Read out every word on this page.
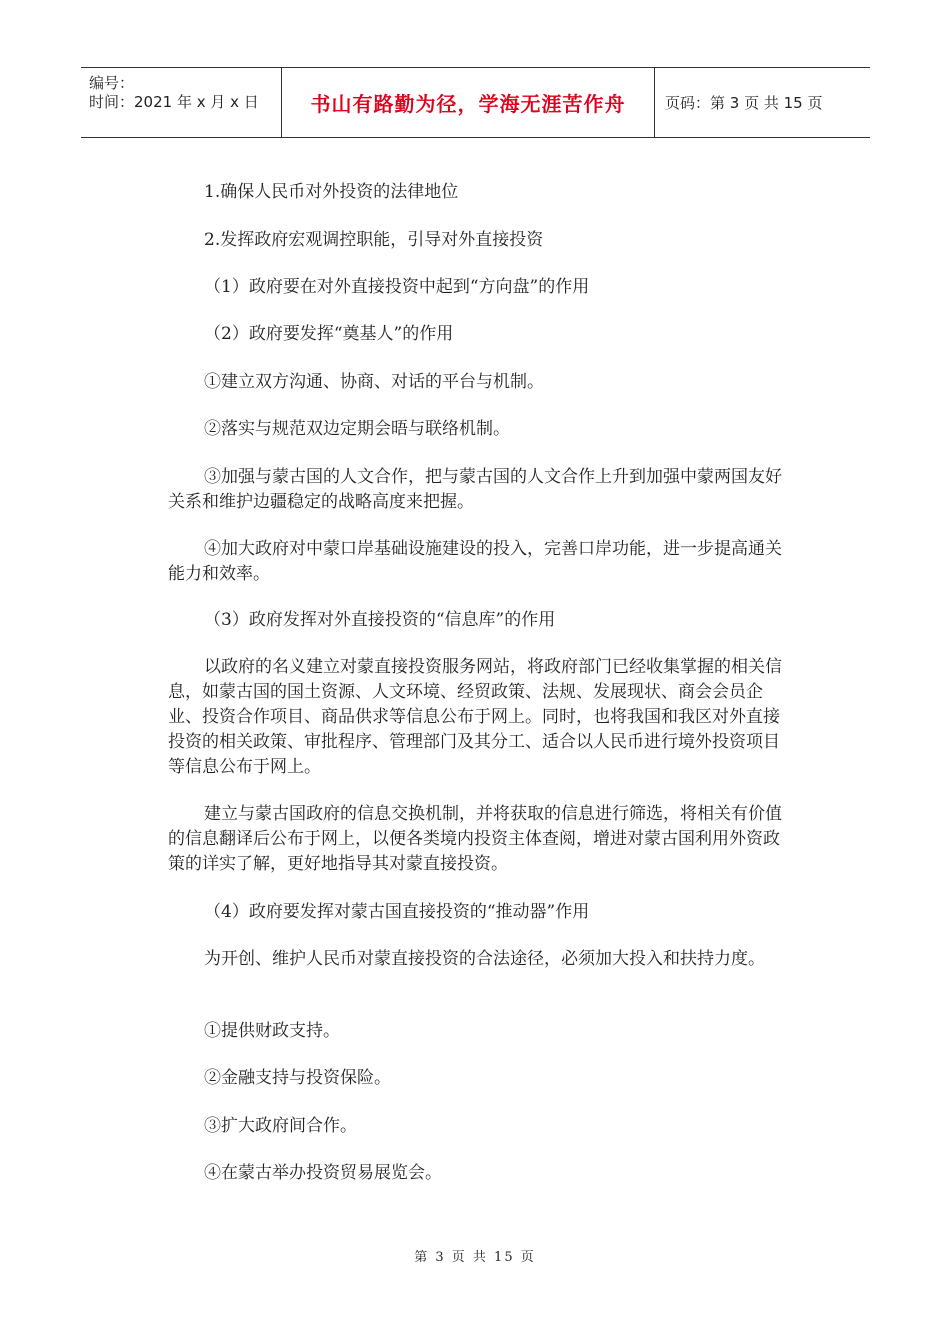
编号：
时间：2021 年 x 月 x 日	书山有路勤为径，学海无涯苦作舟	页码：第 3 页 共 15 页

1.确保人民币对外投资的法律地位

2.发挥政府宏观调控职能，引导对外直接投资

（1）政府要在对外直接投资中起到“方向盘”的作用

（2）政府要发挥“奠基人”的作用

①建立双方沟通、协商、对话的平台与机制。

②落实与规范双边定期会晤与联络机制。

③加强与蒙古国的人文合作，把与蒙古国的人文合作上升到加强中蒙两国友好关系和维护边疆稳定的战略高度来把握。

④加大政府对中蒙口岸基础设施建设的投入，完善口岸功能，进一步提高通关能力和效率。

（3）政府发挥对外直接投资的“信息库”的作用

以政府的名义建立对蒙直接投资服务网站，将政府部门已经收集掌握的相关信息，如蒙古国的国土资源、人文环境、经贸政策、法规、发展现状、商会会员企业、投资合作项目、商品供求等信息公布于网上。同时，也将我国和我区对外直接投资的相关政策、审批程序、管理部门及其分工、适合以人民币进行境外投资项目等信息公布于网上。

建立与蒙古国政府的信息交换机制，并将获取的信息进行筛选，将相关有价值的信息翻译后公布于网上，以便各类境内投资主体查阅，增进对蒙古国利用外资政策的详实了解，更好地指导其对蒙直接投资。

（4）政府要发挥对蒙古国直接投资的“推动器”作用

为开创、维护人民币对蒙直接投资的合法途径，必须加大投入和扶持力度。

①提供财政支持。

②金融支持与投资保险。

③扩大政府间合作。

④在蒙古举办投资贸易展览会。

第 3 页 共 15 页
